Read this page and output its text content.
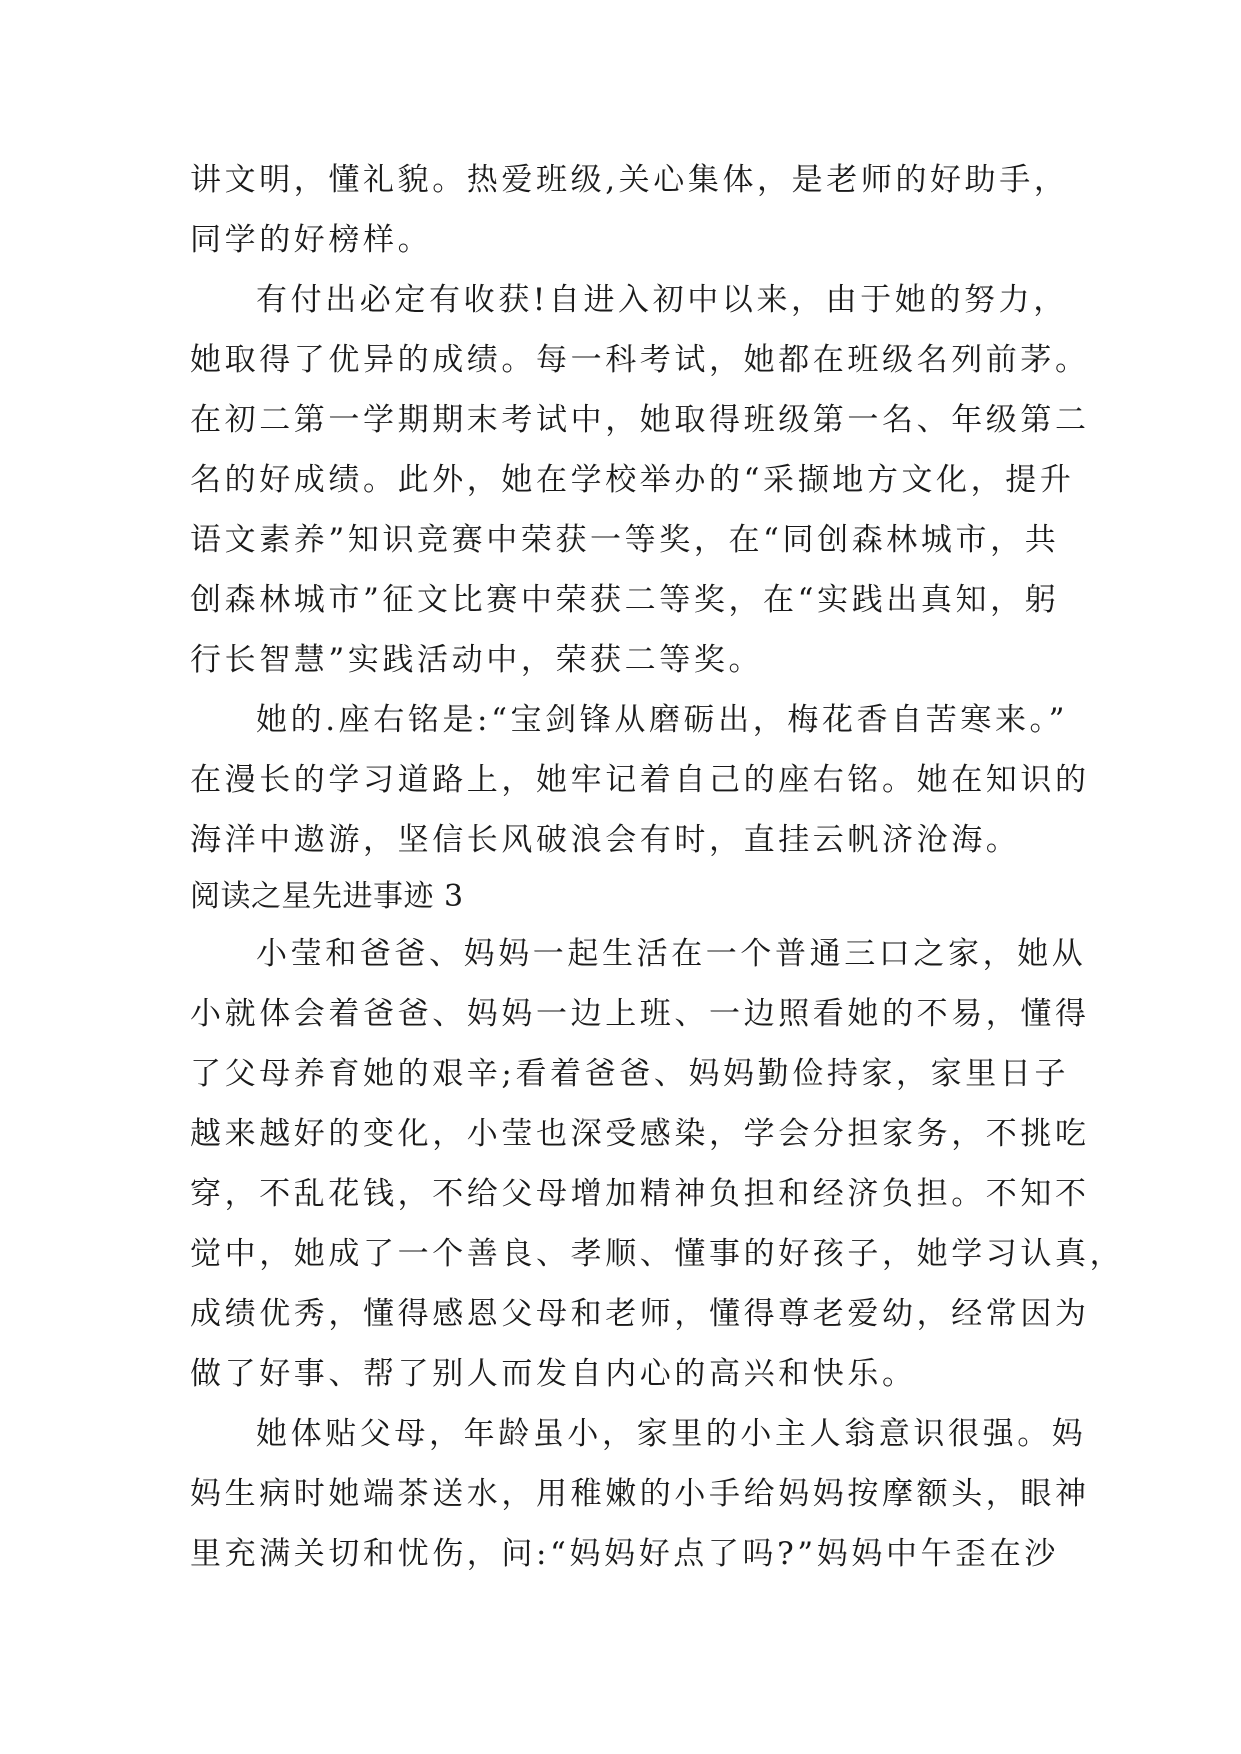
讲文明，懂礼貌。热爱班级,关心集体，是老师的好助手，
同学的好榜样。
有付出必定有收获!自进入初中以来，由于她的努力，
她取得了优异的成绩。每一科考试，她都在班级名列前茅。
在初二第一学期期末考试中，她取得班级第一名、年级第二
名的好成绩。此外，她在学校举办的“采撷地方文化，提升
语文素养”知识竞赛中荣获一等奖，在“同创森林城市，共
创森林城市”征文比赛中荣获二等奖，在“实践出真知，躬
行长智慧”实践活动中，荣获二等奖。
她的.座右铭是:“宝剑锋从磨砺出，梅花香自苦寒来。”
在漫长的学习道路上，她牢记着自己的座右铭。她在知识的
海洋中遨游，坚信长风破浪会有时，直挂云帆济沧海。
阅读之星先进事迹 3
小莹和爸爸、妈妈一起生活在一个普通三口之家，她从
小就体会着爸爸、妈妈一边上班、一边照看她的不易，懂得
了父母养育她的艰辛;看着爸爸、妈妈勤俭持家，家里日子
越来越好的变化，小莹也深受感染，学会分担家务，不挑吃
穿，不乱花钱，不给父母增加精神负担和经济负担。不知不
觉中，她成了一个善良、孝顺、懂事的好孩子，她学习认真，
成绩优秀，懂得感恩父母和老师，懂得尊老爱幼，经常因为
做了好事、帮了别人而发自内心的高兴和快乐。
她体贴父母，年龄虽小，家里的小主人翁意识很强。妈
妈生病时她端茶送水，用稚嫩的小手给妈妈按摩额头，眼神
里充满关切和忧伤，问:“妈妈好点了吗?”妈妈中午歪在沙
